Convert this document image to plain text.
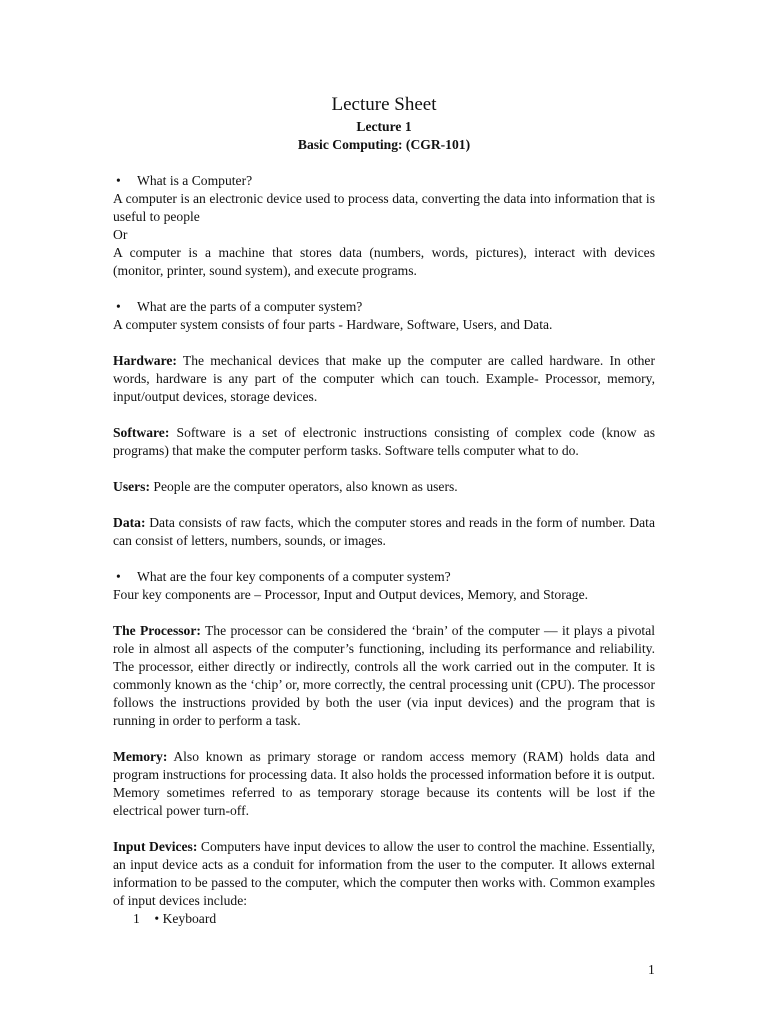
Lecture Sheet
Lecture 1
Basic Computing: (CGR-101)
• What is a Computer?

A computer is an electronic device used to process data, converting the data into information that is useful to people

Or

A computer is a machine that stores data (numbers, words, pictures), interact with devices (monitor, printer, sound system), and execute programs.

• What are the parts of a computer system?

A computer system consists of four parts - Hardware, Software, Users, and Data.

Hardware: The mechanical devices that make up the computer are called hardware. In other words, hardware is any part of the computer which can touch. Example- Processor, memory, input/output devices, storage devices.

Software: Software is a set of electronic instructions consisting of complex code (know as programs) that make the computer perform tasks. Software tells computer what to do.

Users: People are the computer operators, also known as users.

Data: Data consists of raw facts, which the computer stores and reads in the form of number. Data can consist of letters, numbers, sounds, or images.

• What are the four key components of a computer system?

Four key components are – Processor, Input and Output devices, Memory, and Storage.

The Processor: The processor can be considered the ‘brain’ of the computer — it plays a pivotal role in almost all aspects of the computer’s functioning, including its performance and reliability. The processor, either directly or indirectly, controls all the work carried out in the computer. It is commonly known as the ‘chip’ or, more correctly, the central processing unit (CPU). The processor follows the instructions provided by both the user (via input devices) and the program that is running in order to perform a task.

Memory: Also known as primary storage or random access memory (RAM) holds data and program instructions for processing data. It also holds the processed information before it is output. Memory sometimes referred to as temporary storage because its contents will be lost if the electrical power turn-off.

Input Devices: Computers have input devices to allow the user to control the machine. Essentially, an input device acts as a conduit for information from the user to the computer. It allows external information to be passed to the computer, which the computer then works with. Common examples of input devices include:

1 • Keyboard
1
